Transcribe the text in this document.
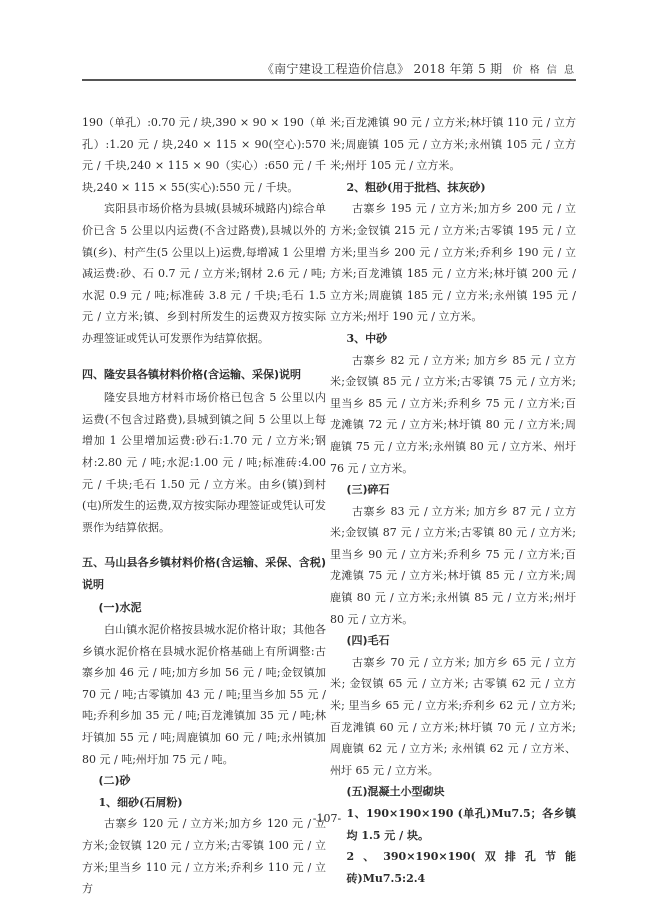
《南宁建设工程造价信息》 2018 年第 5 期 价 格 信 息

190（单孔）:0.70 元 / 块,390 × 90 × 190（单孔）:1.20 元 / 块,240 × 115 × 90(空心):570 元 / 千块,240 × 115 × 90（实心）:650 元 / 千块,240 × 115 × 55(实心):550 元 / 千块。

宾阳县市场价格为县城(县城环城路内)综合单价已含 5 公里以内运费(不含过路费),县城以外的镇(乡)、村产生(5 公里以上)运费,每增减 1 公里增减运费:砂、石 0.7 元 / 立方米;钢材 2.6 元 / 吨;水泥 0.9 元 / 吨;标准砖 3.8 元 / 千块;毛石 1.5 元 / 立方米;镇、乡到村所发生的运费双方按实际办理签证或凭认可发票作为结算依据。

四、隆安县各镇材料价格(含运输、采保)说明

隆安县地方材料市场价格已包含 5 公里以内运费(不包含过路费),县城到镇之间 5 公里以上每增加 1 公里增加运费:砂石:1.70 元 / 立方米;钢材:2.80 元 / 吨;水泥:1.00 元 / 吨;标准砖:4.00 元 / 千块;毛石 1.50 元 / 立方米。由乡(镇)到村(屯)所发生的运费,双方按实际办理签证或凭认可发票作为结算依据。

五、马山县各乡镇材料价格(含运输、采保、含税)说明

(一)水泥

白山镇水泥价格按县城水泥价格计取；其他各乡镇水泥价格在县城水泥价格基础上有所调整:古寨乡加 46 元 / 吨;加方乡加 56 元 / 吨;金钗镇加 70 元 / 吨;古零镇加 43 元 / 吨;里当乡加 55 元 / 吨;乔利乡加 35 元 / 吨;百龙滩镇加 35 元 / 吨;林圩镇加 55 元 / 吨;周鹿镇加 60 元 / 吨;永州镇加 80 元 / 吨;州圩加 75 元 / 吨。

(二)砂

1、细砂(石屑粉)

古寨乡 120 元 / 立方米;加方乡 120 元 / 立方米;金钗镇 120 元 / 立方米;古零镇 100 元 / 立方米;里当乡 110 元 / 立方米;乔利乡 110 元 / 立方

米;百龙滩镇 90 元 / 立方米;林圩镇 110 元 / 立方米;周鹿镇 105 元 / 立方米;永州镇 105 元 / 立方米;州圩 105 元 / 立方米。

2、粗砂(用于批档、抹灰砂)

古寨乡 195 元 / 立方米;加方乡 200 元 / 立方米;金钗镇 215 元 / 立方米;古零镇 195 元 / 立方米;里当乡 200 元 / 立方米;乔利乡 190 元 / 立方米;百龙滩镇 185 元 / 立方米;林圩镇 200 元 / 立方米;周鹿镇 185 元 / 立方米;永州镇 195 元 / 立方米;州圩 190 元 / 立方米。

3、中砂

古寨乡 82 元 / 立方米; 加方乡 85 元 / 立方米;金钗镇 85 元 / 立方米;古零镇 75 元 / 立方米;里当乡 85 元 / 立方米;乔利乡 75 元 / 立方米;百龙滩镇 72 元 / 立方米;林圩镇 80 元 / 立方米;周鹿镇 75 元 / 立方米;永州镇 80 元 / 立方米、州圩 76 元 / 立方米。

(三)碎石

古寨乡 83 元 / 立方米; 加方乡 87 元 / 立方米;金钗镇 87 元 / 立方米;古零镇 80 元 / 立方米;里当乡 90 元 / 立方米;乔利乡 75 元 / 立方米;百龙滩镇 75 元 / 立方米;林圩镇 85 元 / 立方米;周鹿镇 80 元 / 立方米;永州镇 85 元 / 立方米;州圩 80 元 / 立方米。

(四)毛石

古寨乡 70 元 / 立方米; 加方乡 65 元 / 立方米; 金钗镇 65 元 / 立方米; 古零镇 62 元 / 立方米; 里当乡 65 元 / 立方米;乔利乡 62 元 / 立方米;百龙滩镇 60 元 / 立方米;林圩镇 70 元 / 立方米; 周鹿镇 62 元 / 立方米; 永州镇 62 元 / 立方米、州圩 65 元 / 立方米。

(五)混凝土小型砌块

1、190×190×190 (单孔)Mu7.5；各乡镇均 1.5 元 / 块。

2、390×190×190(双排孔节能砖)Mu7.5:2.4

-107-
